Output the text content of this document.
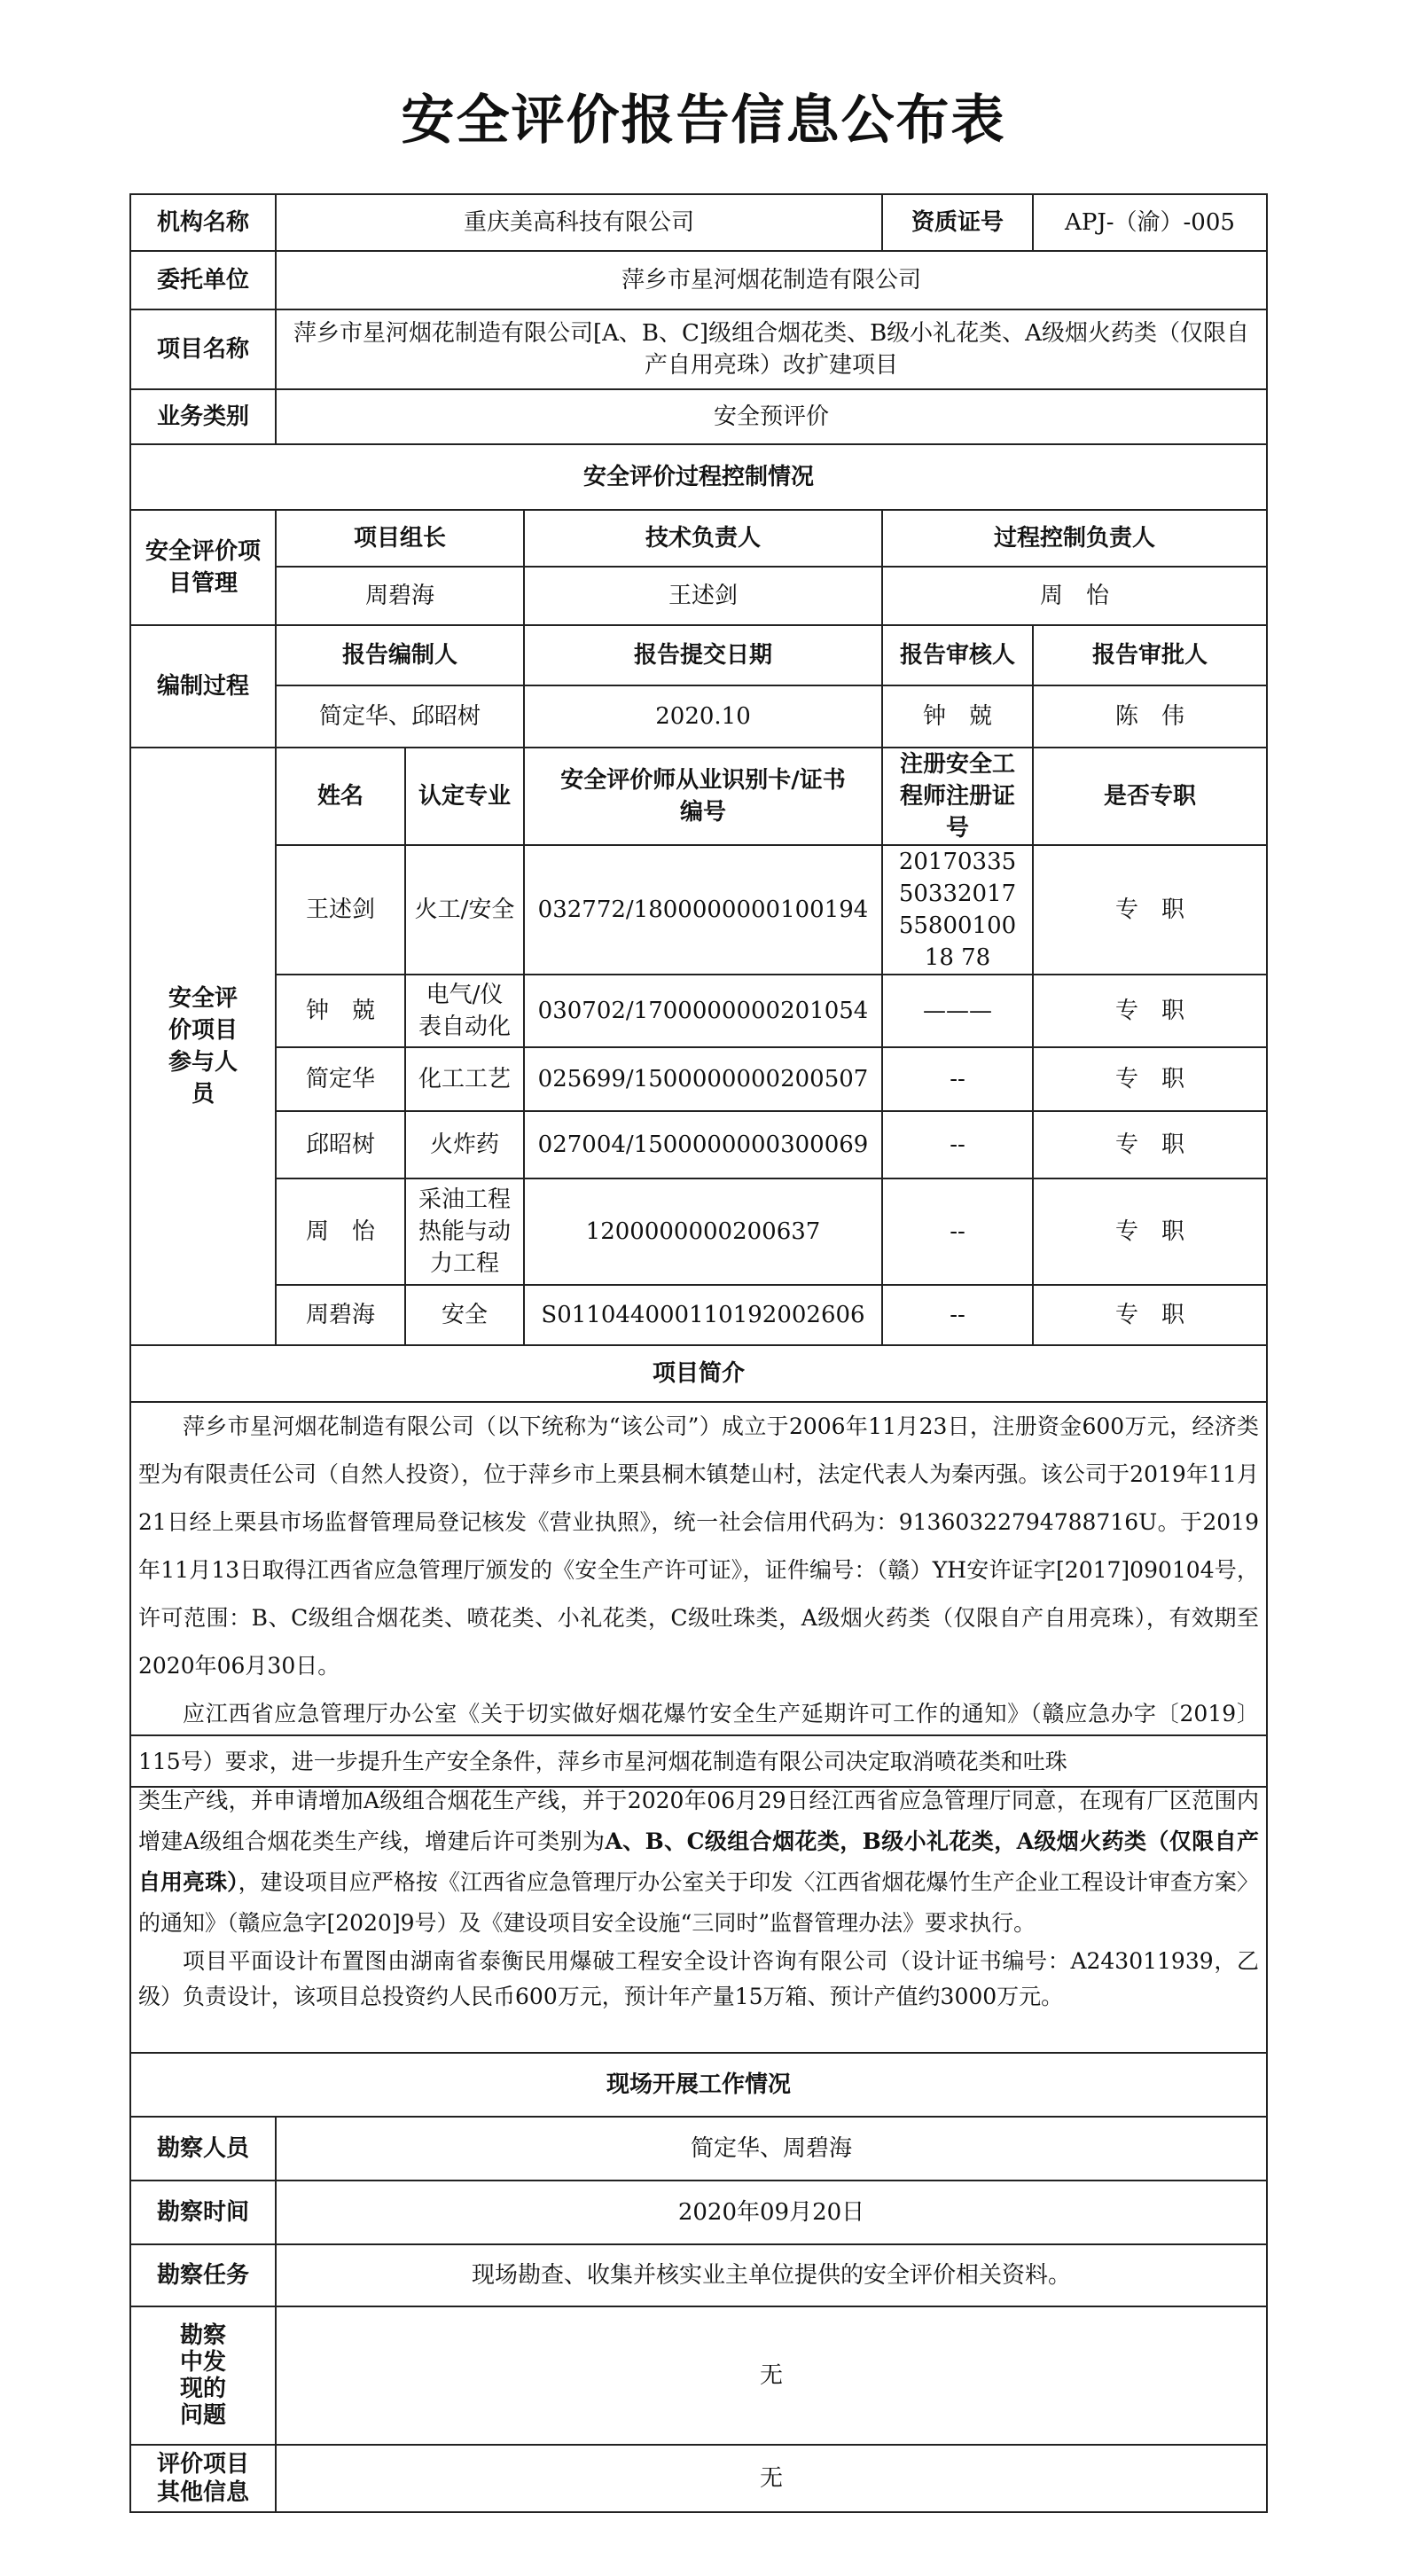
安全评价报告信息公布表
机构名称	重庆美高科技有限公司			资质证号	APJ-（渝）-005
委托单位	萍乡市星河烟花制造有限公司				
项目名称	萍乡市星河烟花制造有限公司[A、B、C]级组合烟花类、B级小礼花类、A级烟火药类（仅限自产自用亮珠）改扩建项目				
业务类别	安全预评价				
安全评价过程控制情况					
安全评价项目管理	项目组长		技术负责人	过程控制负责人	
	周碧海		王述剑	周　怡	
编制过程	报告编制人		报告提交日期	报告审核人	报告审批人
	简定华、邱昭树		2020.10	钟　兢	陈　伟
安全评价项目参与人员	姓名	认定专业	安全评价师从业识别卡/证书编号	注册安全工程师注册证号	是否专职
	王述剑	火工/安全	032772/1800000000100194	20170335503320175580010018 78	专　职
	钟　兢	电气/仪表自动化	030702/1700000000201054	———	专　职
	简定华	化工工艺	025699/1500000000200507	--	专　职
	邱昭树	火炸药	027004/1500000000300069	--	专　职
	周　怡	采油工程热能与动力工程	1200000000200637	--	专　职
	周碧海	安全	S011044000110192002606	--	专　职
项目简介					

萍乡市星河烟花制造有限公司（以下统称为“该公司”）成立于2006年11月23日，注册资金600万元，经济类型为有限责任公司（自然人投资），位于萍乡市上栗县桐木镇楚山村，法定代表人为秦丙强。该公司于2019年11月21日经上栗县市场监督管理局登记核发《营业执照》，统一社会信用代码为：91360322794788716U。于2019年11月13日取得江西省应急管理厅颁发的《安全生产许可证》，证件编号：（赣）YH安许证字[2017]090104号，许可范围：B、C级组合烟花类、喷花类、小礼花类，C级吐珠类，A级烟火药类（仅限自产自用亮珠），有效期至2020年06月30日。
应江西省应急管理厅办公室《关于切实做好烟花爆竹安全生产延期许可工作的通知》（赣应急办字〔2019〕115号）要求，进一步提升生产安全条件，萍乡市星河烟花制造有限公司决定取消喷花类和吐珠					
类生产线，并申请增加A级组合烟花生产线，并于2020年06月29日经江西省应急管理厅同意，在现有厂区范围内增建A级组合烟花类生产线，增建后许可类别为A、B、C级组合烟花类，B级小礼花类，A级烟火药类（仅限自产自用亮珠），建设项目应严格按《江西省应急管理厅办公室关于印发〈江西省烟花爆竹生产企业工程设计审查方案〉的通知》（赣应急字[2020]9号）及《建设项目安全设施“三同时”监督管理办法》要求执行。
项目平面设计布置图由湖南省泰衡民用爆破工程安全设计咨询有限公司（设计证书编号：A243011939，乙级）负责设计，该项目总投资约人民币600万元，预计年产量15万箱、预计产值约3000万元。	

现场开展工作情况	
勘察人员	简定华、周碧海
勘察时间	2020年09月20日
勘察任务	现场勘查、收集并核实业主单位提供的安全评价相关资料。
勘察中发现的问题	无
评价项目其他信息	无
